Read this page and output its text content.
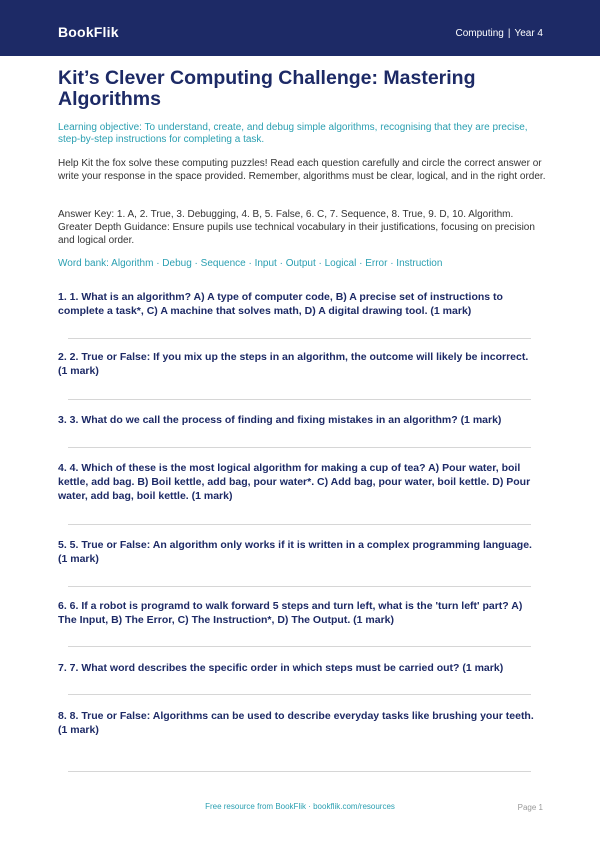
BookFlik	Computing | Year 4
Kit’s Clever Computing Challenge: Mastering Algorithms

Learning objective: To understand, create, and debug simple algorithms, recognising that they are precise, step-by-step instructions for completing a task.

Help Kit the fox solve these computing puzzles! Read each question carefully and circle the correct answer or write your response in the space provided. Remember, algorithms must be clear, logical, and in the right order.

Answer Key: 1. A, 2. True, 3. Debugging, 4. B, 5. False, 6. C, 7. Sequence, 8. True, 9. D, 10. Algorithm. Greater Depth Guidance: Ensure pupils use technical vocabulary in their justifications, focusing on precision and logical order.

Word bank: Algorithm · Debug · Sequence · Input · Output · Logical · Error · Instruction

1. 1. What is an algorithm? A) A type of computer code, B) A precise set of instructions to complete a task*, C) A machine that solves math, D) A digital drawing tool. (1 mark)

2. 2. True or False: If you mix up the steps in an algorithm, the outcome will likely be incorrect. (1 mark)

3. 3. What do we call the process of finding and fixing mistakes in an algorithm? (1 mark)

4. 4. Which of these is the most logical algorithm for making a cup of tea? A) Pour water, boil kettle, add bag. B) Boil kettle, add bag, pour water*. C) Add bag, pour water, boil kettle. D) Pour water, add bag, boil kettle. (1 mark)

5. 5. True or False: An algorithm only works if it is written in a complex programming language. (1 mark)

6. 6. If a robot is programd to walk forward 5 steps and turn left, what is the 'turn left' part? A) The Input, B) The Error, C) The Instruction*, D) The Output. (1 mark)

7. 7. What word describes the specific order in which steps must be carried out? (1 mark)

8. 8. True or False: Algorithms can be used to describe everyday tasks like brushing your teeth. (1 mark)

Free resource from BookFlik · bookflik.com/resources	Page 1
